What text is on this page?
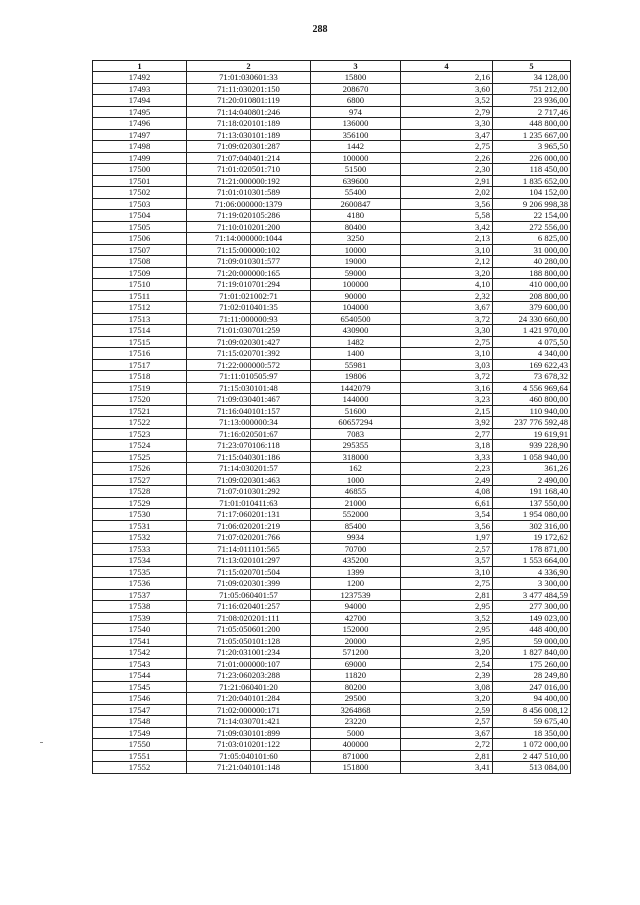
288
1	2	3	4	5
17492	71:01:030601:33	15800	2,16	34 128,00
17493	71:11:030201:150	208670	3,60	751 212,00
17494	71:20:010801:119	6800	3,52	23 936,00
17495	71:14:040801:246	974	2,79	2 717,46
17496	71:18:020101:189	136000	3,30	448 800,00
17497	71:13:030101:189	356100	3,47	1 235 667,00
17498	71:09:020301:287	1442	2,75	3 965,50
17499	71:07:040401:214	100000	2,26	226 000,00
17500	71:01:020501:710	51500	2,30	118 450,00
17501	71:21:000000:192	639600	2,91	1 835 652,00
17502	71:01:010301:589	55400	2,02	104 152,00
17503	71:06:000000:1379	2600847	3,56	9 206 998,38
17504	71:19:020105:286	4180	5,58	22 154,00
17505	71:10:010201:200	80400	3,42	272 556,00
17506	71:14:000000:1044	3250	2,13	6 825,00
17507	71:15:000000:102	10000	3,10	31 000,00
17508	71:09:010301:577	19000	2,12	40 280,00
17509	71:20:000000:165	59000	3,20	188 800,00
17510	71:19:010701:294	100000	4,10	410 000,00
17511	71:01:021002:71	90000	2,32	208 800,00
17512	71:02:010401:35	104000	3,67	379 600,00
17513	71:11:000000:93	6540500	3,72	24 330 660,00
17514	71:01:030701:259	430900	3,30	1 421 970,00
17515	71:09:020301:427	1482	2,75	4 075,50
17516	71:15:020701:392	1400	3,10	4 340,00
17517	71:22:000000:572	55981	3,03	169 622,43
17518	71:11:010505:97	19806	3,72	73 678,32
17519	71:15:030101:48	1442079	3,16	4 556 969,64
17520	71:09:030401:467	144000	3,23	460 800,00
17521	71:16:040101:157	51600	2,15	110 940,00
17522	71:13:000000:34	60657294	3,92	237 776 592,48
17523	71:16:020501:67	7083	2,77	19 619,91
17524	71:23:070106:118	295355	3,18	939 228,90
17525	71:15:040301:186	318000	3,33	1 058 940,00
17526	71:14:030201:57	162	2,23	361,26
17527	71:09:020301:463	1000	2,49	2 490,00
17528	71:07:010301:292	46855	4,08	191 168,40
17529	71:01:010411:63	21000	6,61	137 550,00
17530	71:17:060201:131	552000	3,54	1 954 080,00
17531	71:06:020201:219	85400	3,56	302 316,00
17532	71:07:020201:766	9934	1,97	19 172,62
17533	71:14:011101:565	70700	2,57	178 871,00
17534	71:13:020101:297	435200	3,57	1 553 664,00
17535	71:15:020701:504	1399	3,10	4 336,90
17536	71:09:020301:399	1200	2,75	3 300,00
17537	71:05:060401:57	1237539	2,81	3 477 484,59
17538	71:16:020401:257	94000	2,95	277 300,00
17539	71:08:020201:111	42700	3,52	149 023,00
17540	71:05:050601:200	152000	2,95	448 400,00
17541	71:05:050101:128	20000	2,95	59 000,00
17542	71:20:031001:234	571200	3,20	1 827 840,00
17543	71:01:000000:107	69000	2,54	175 260,00
17544	71:23:060203:288	11820	2,39	28 249,80
17545	71:21:060401:20	80200	3,08	247 016,00
17546	71:20:040101:284	29500	3,20	94 400,00
17547	71:02:000000:171	3264868	2,59	8 456 008,12
17548	71:14:030701:421	23220	2,57	59 675,40
17549	71:09:030101:899	5000	3,67	18 350,00
17550	71:03:010201:122	400000	2,72	1 072 000,00
17551	71:05:040101:60	871000	2,81	2 447 510,00
17552	71:21:040101:148	151800	3,41	513 084,00
